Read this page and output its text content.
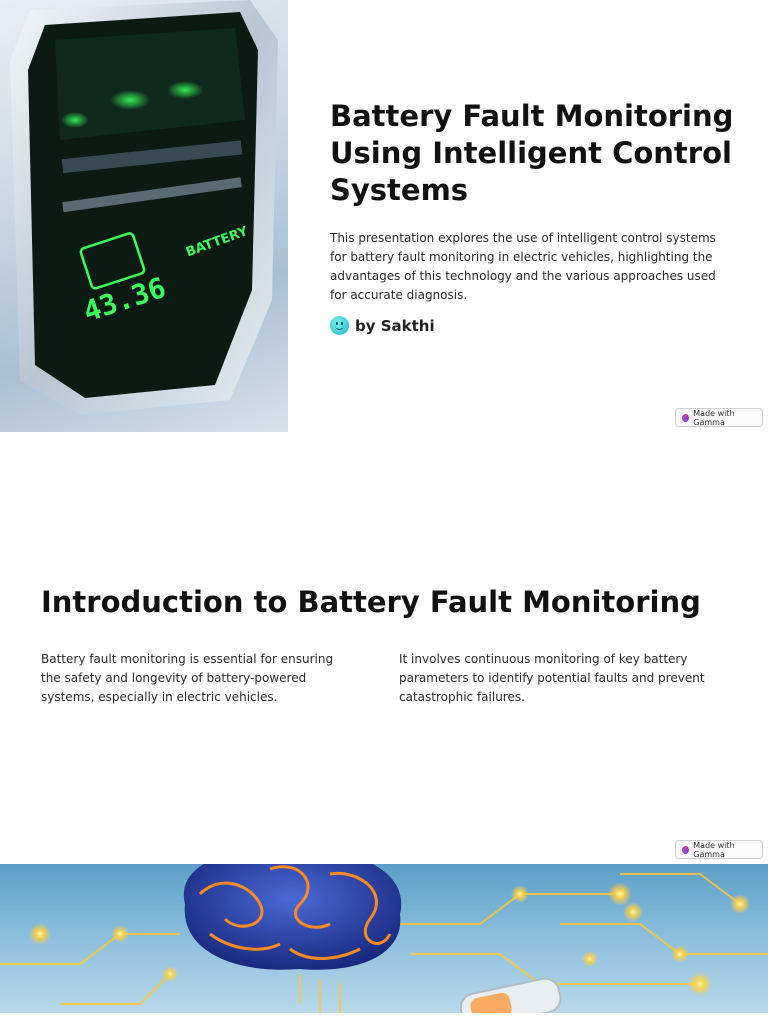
43.36
BATTERY
Battery Fault Monitoring Using Intelligent Control Systems

This presentation explores the use of intelligent control systems for battery fault monitoring in electric vehicles, highlighting the advantages of this technology and the various approaches used for accurate diagnosis.

by Sakthi
Made with Gamma
Introduction to Battery Fault Monitoring

Battery fault monitoring is essential for ensuring the safety and longevity of battery-powered systems, especially in electric vehicles.

It involves continuous monitoring of key battery parameters to identify potential faults and prevent catastrophic failures.

Made with Gamma
